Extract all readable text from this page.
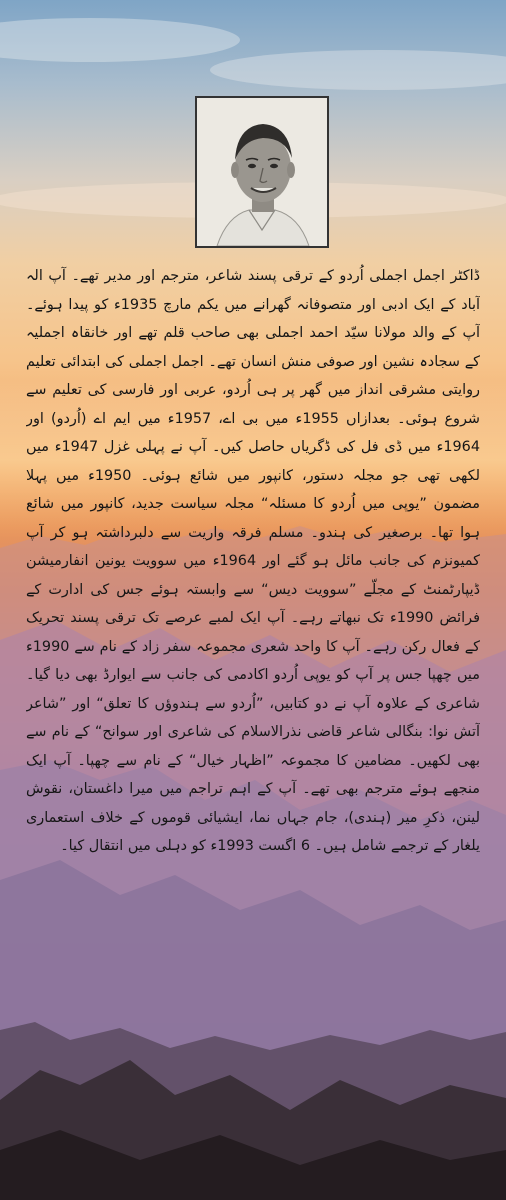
ڈاکٹر اجمل اجملی اُردو کے ترقی پسند شاعر، مترجم اور مدیر تھے۔ آپ الہ آباد کے ایک ادبی اور متصوفانہ گھرانے میں یکم مارچ 1935ء کو پیدا ہوئے۔ آپ کے والد مولانا سیّد احمد اجملی بھی صاحب قلم تھے اور خانقاہ اجملیہ کے سجادہ نشین اور صوفی منش انسان تھے۔ اجمل اجملی کی ابتدائی تعلیم روایتی مشرقی انداز میں گھر پر ہی اُردو، عربی اور فارسی کی تعلیم سے شروع ہوئی۔ بعدازاں 1955ء میں بی اے، 1957ء میں ایم اے (اُردو) اور 1964ء میں ڈی فل کی ڈگریاں حاصل کیں۔ آپ نے پہلی غزل 1947ء میں لکھی تھی جو مجلہ دستور، کانپور میں شائع ہوئی۔ 1950ء میں پہلا مضمون ”یوپی میں اُردو کا مسئلہ“ مجلہ سیاست جدید، کانپور میں شائع ہوا تھا۔ برصغیر کی ہندو۔ مسلم فرقہ واریت سے دلبرداشتہ ہو کر آپ کمیونزم کی جانب مائل ہو گئے اور 1964ء میں سوویت یونین انفارمیشن ڈیپارٹمنٹ کے مجلّے ”سوویت دیس“ سے وابستہ ہوئے جس کی ادارت کے فرائض 1990ء تک نبھاتے رہے۔ آپ ایک لمبے عرصے تک ترقی پسند تحریک کے فعال رکن رہے۔ آپ کا واحد شعری مجموعہ سفر زاد کے نام سے 1990ء میں چھپا جس پر آپ کو یوپی اُردو اکادمی کی جانب سے ایوارڈ بھی دیا گیا۔ شاعری کے علاوہ آپ نے دو کتابیں، ”اُردو سے ہندوؤں کا تعلق“ اور ”شاعر آتش نوا: بنگالی شاعر قاضی نذرالاسلام کی شاعری اور سوانح“ کے نام سے بھی لکھیں۔ مضامین کا مجموعہ ”اظہار خیال“ کے نام سے چھپا۔ آپ ایک منجھے ہوئے مترجم بھی تھے۔ آپ کے اہم تراجم میں میرا داغستان، نقوش لینن، ذکرِ میر (ہندی)، جام جہاں نما، ایشیائی قوموں کے خلاف استعماری یلغار کے ترجمے شامل ہیں۔ 6 اگست 1993ء کو دہلی میں انتقال کیا۔
